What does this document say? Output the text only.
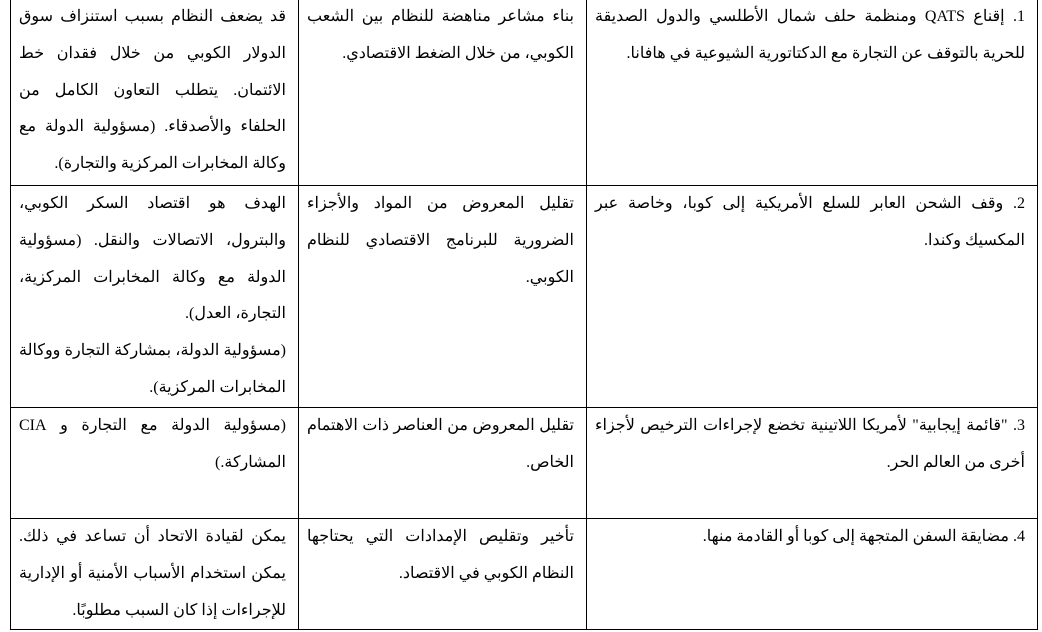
1. إقناع QATS ومنظمة حلف شمال الأطلسي والدول الصديقة للحرية بالتوقف عن التجارة مع الدكتاتورية الشيوعية في هافانا.	بناء مشاعر مناهضة للنظام بين الشعب الكوبي، من خلال الضغط الاقتصادي.	قد يضعف النظام بسبب استنزاف سوق الدولار الكوبي من خلال فقدان خط الائتمان. يتطلب التعاون الكامل من الحلفاء والأصدقاء. (مسؤولية الدولة مع وكالة المخابرات المركزية والتجارة).
2. وقف الشحن العابر للسلع الأمريكية إلى كوبا، وخاصة عبر المكسيك وكندا.	تقليل المعروض من المواد والأجزاء الضرورية للبرنامج الاقتصادي للنظام الكوبي.	الهدف هو اقتصاد السكر الكوبي، والبترول، الاتصالات والنقل. (مسؤولية الدولة مع وكالة المخابرات المركزية، التجارة، العدل).
(مسؤولية الدولة، بمشاركة التجارة ووكالة المخابرات المركزية).
3. "قائمة إيجابية" لأمريكا اللاتينية تخضع لإجراءات الترخيص لأجزاء أخرى من العالم الحر.	تقليل المعروض من العناصر ذات الاهتمام الخاص.	(مسؤولية الدولة مع التجارة و CIA المشاركة.)
4. مضايقة السفن المتجهة إلى كوبا أو القادمة منها.	تأخير وتقليص الإمدادات التي يحتاجها النظام الكوبي في الاقتصاد.	يمكن لقيادة الاتحاد أن تساعد في ذلك. يمكن استخدام الأسباب الأمنية أو الإدارية للإجراءات إذا كان السبب مطلوبًا.
